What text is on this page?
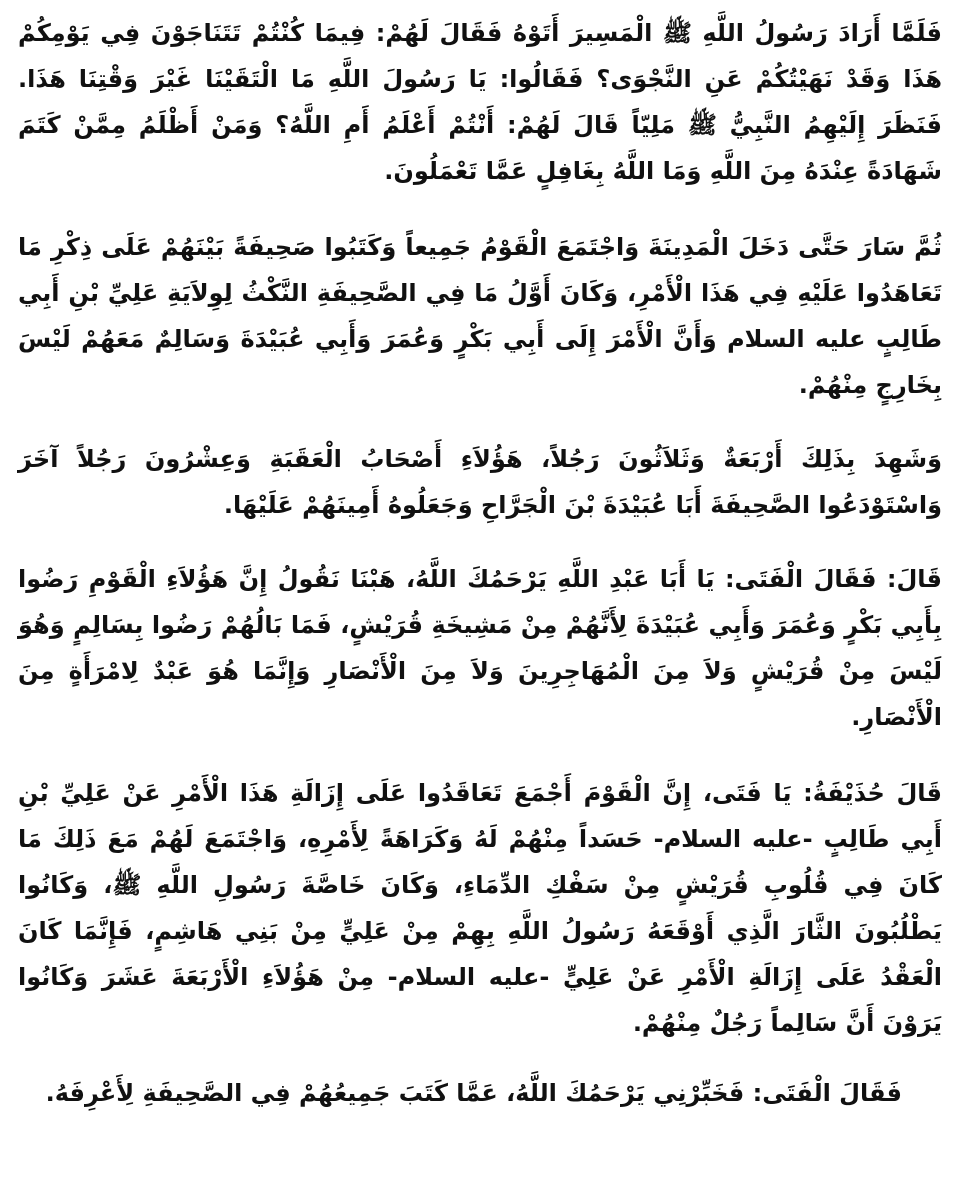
فَلَمَّا أَرَادَ رَسُولُ اللَّهِ ﷺ الْمَسِيرَ أَتَوْهُ فَقَالَ لَهُمْ: فِيمَا كُنْتُمْ تَتَنَاجَوْنَ فِي يَوْمِكُمْ هَذَا وَقَدْ نَهَيْتُكُمْ عَنِ النَّجْوَى؟ فَقَالُوا: يَا رَسُولَ اللَّهِ مَا الْتَقَيْنَا غَيْرَ وَقْتِنَا هَذَا. فَنَظَرَ إِلَيْهِمُ النَّبِيُّ ﷺ مَلِيّاً قَالَ لَهُمْ: أَنْتُمْ أَعْلَمُ أَمِ اللَّهُ؟ وَمَنْ أَظْلَمُ مِمَّنْ كَتَمَ شَهَادَةً عِنْدَهُ مِنَ اللَّهِ وَمَا اللَّهُ بِغَافِلٍ عَمَّا تَعْمَلُونَ.

ثُمَّ سَارَ حَتَّى دَخَلَ الْمَدِينَةَ وَاجْتَمَعَ الْقَوْمُ جَمِيعاً وَكَتَبُوا صَحِيفَةً بَيْنَهُمْ عَلَى ذِكْرِ مَا تَعَاهَدُوا عَلَيْهِ فِي هَذَا الْأَمْرِ، وَكَانَ أَوَّلُ مَا فِي الصَّحِيفَةِ النَّكْثُ لِوِلاَيَةِ عَلِيِّ بْنِ أَبِي طَالِبٍ عليه السلام وَأَنَّ الْأَمْرَ إِلَى أَبِي بَكْرٍ وَعُمَرَ وَأَبِي عُبَيْدَةَ وَسَالِمٌ مَعَهُمْ لَيْسَ بِخَارِجٍ مِنْهُمْ.

وَشَهِدَ بِذَلِكَ أَرْبَعَةٌ وَثَلاَثُونَ رَجُلاً، هَؤُلاَءِ أَصْحَابُ الْعَقَبَةِ وَعِشْرُونَ رَجُلاً آخَرَ وَاسْتَوْدَعُوا الصَّحِيفَةَ أَبَا عُبَيْدَةَ بْنَ الْجَرَّاحِ وَجَعَلُوهُ أَمِينَهُمْ عَلَيْهَا.

قَالَ: فَقَالَ الْفَتَى: يَا أَبَا عَبْدِ اللَّهِ يَرْحَمُكَ اللَّهُ، هَبْنَا نَقُولُ إِنَّ هَؤُلاَءِ الْقَوْمِ رَضُوا بِأَبِي بَكْرٍ وَعُمَرَ وَأَبِي عُبَيْدَةَ لِأَنَّهُمْ مِنْ مَشِيخَةِ قُرَيْشٍ، فَمَا بَالُهُمْ رَضُوا بِسَالِمٍ وَهُوَ لَيْسَ مِنْ قُرَيْشٍ وَلاَ مِنَ الْمُهَاجِرِينَ وَلاَ مِنَ الْأَنْصَارِ وَإِنَّمَا هُوَ عَبْدٌ لِامْرَأَةٍ مِنَ الْأَنْصَارِ.

قَالَ حُذَيْفَةُ: يَا فَتَى، إِنَّ الْقَوْمَ أَجْمَعَ تَعَاقَدُوا عَلَى إِزَالَةِ هَذَا الْأَمْرِ عَنْ عَلِيِّ بْنِ أَبِي طَالِبٍ -عليه السلام- حَسَداً مِنْهُمْ لَهُ وَكَرَاهَةً لِأَمْرِهِ، وَاجْتَمَعَ لَهُمْ مَعَ ذَلِكَ مَا كَانَ فِي قُلُوبِ قُرَيْشٍ مِنْ سَفْكِ الدِّمَاءِ، وَكَانَ خَاصَّةَ رَسُولِ اللَّهِ ﷺ، وَكَانُوا يَطْلُبُونَ الثَّارَ الَّذِي أَوْقَعَهُ رَسُولُ اللَّهِ بِهِمْ مِنْ عَلِيٍّ مِنْ بَنِي هَاشِمٍ، فَإِنَّمَا كَانَ الْعَقْدُ عَلَى إِزَالَةِ الْأَمْرِ عَنْ عَلِيٍّ -عليه السلام- مِنْ هَؤُلاَءِ الْأَرْبَعَةَ عَشَرَ وَكَانُوا يَرَوْنَ أَنَّ سَالِماً رَجُلٌ مِنْهُمْ.

فَقَالَ الْفَتَى: فَخَبِّرْنِي يَرْحَمُكَ اللَّهُ، عَمَّا كَتَبَ جَمِيعُهُمْ فِي الصَّحِيفَةِ لِأَعْرِفَهُ.
